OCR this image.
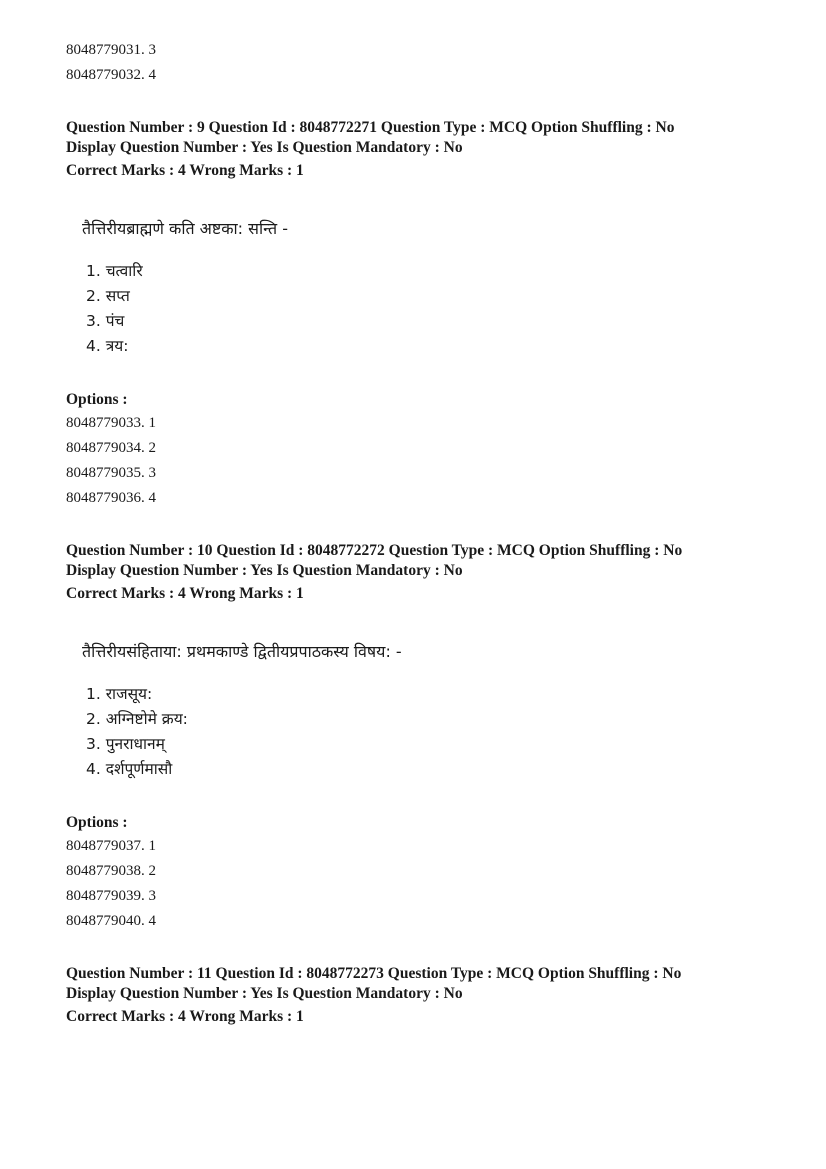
8048779031. 3
8048779032. 4
Question Number : 9 Question Id : 8048772271 Question Type : MCQ Option Shuffling : No
Display Question Number : Yes Is Question Mandatory : No
Correct Marks : 4 Wrong Marks : 1
तैत्तिरीयब्राह्मणे कति अष्टका: सन्ति -
1. चत्वारि
2. सप्त
3. पंच
4. त्रय:
Options :
8048779033. 1
8048779034. 2
8048779035. 3
8048779036. 4
Question Number : 10 Question Id : 8048772272 Question Type : MCQ Option Shuffling : No
Display Question Number : Yes Is Question Mandatory : No
Correct Marks : 4 Wrong Marks : 1
तैत्तिरीयसंहिताया: प्रथमकाण्डे द्वितीयप्रपाठकस्य विषय: -
1. राजसूय:
2. अग्निष्टोमे क्रय:
3. पुनराधानम्
4. दर्शपूर्णमासौ
Options :
8048779037. 1
8048779038. 2
8048779039. 3
8048779040. 4
Question Number : 11 Question Id : 8048772273 Question Type : MCQ Option Shuffling : No
Display Question Number : Yes Is Question Mandatory : No
Correct Marks : 4 Wrong Marks : 1
